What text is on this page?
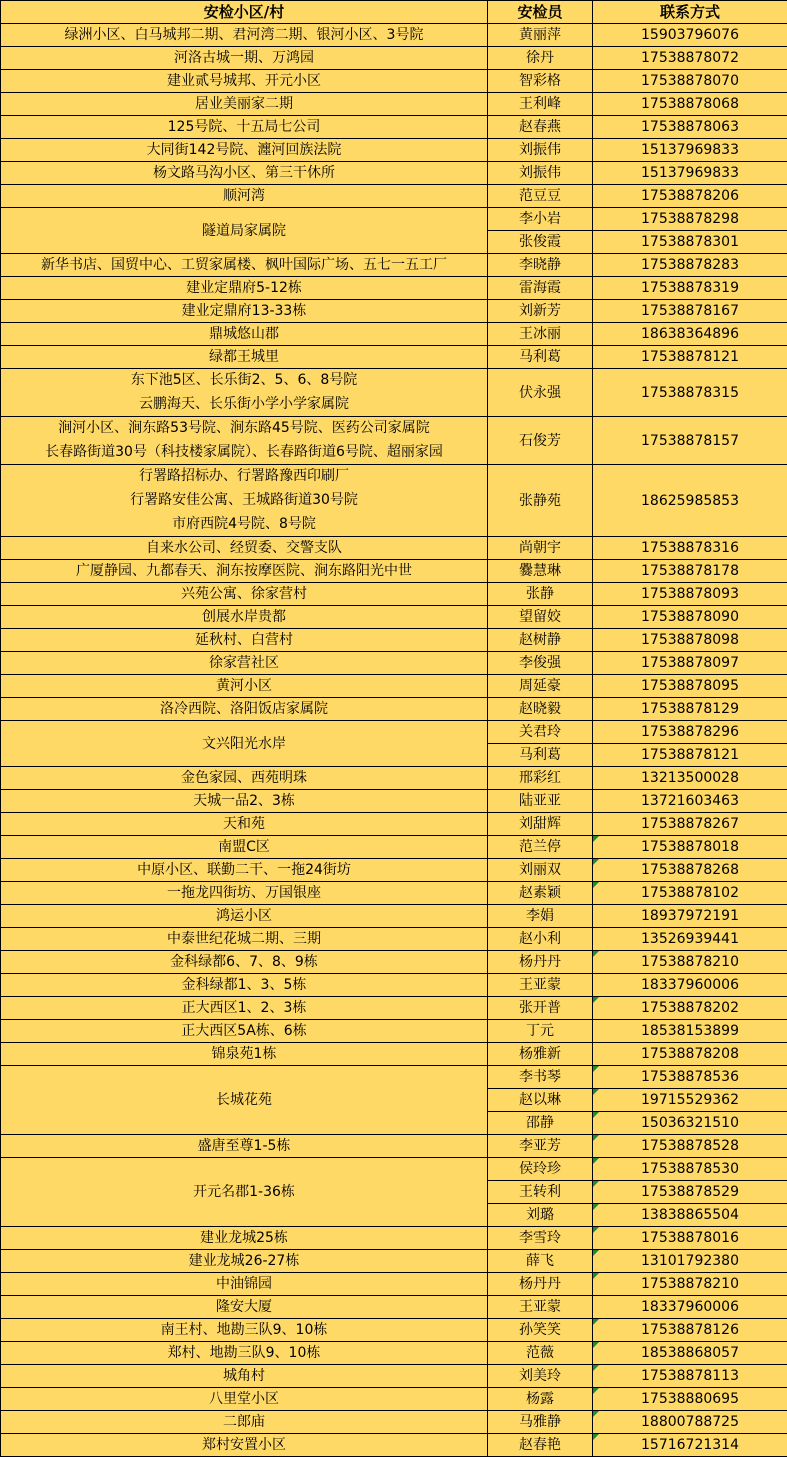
安检小区/村	安检员	联系方式
绿洲小区、白马城邦二期、君河湾二期、银河小区、3号院	黄丽萍	15903796076
河洛古城一期、万鸿园	徐丹	17538878072
建业贰号城邦、开元小区	智彩格	17538878070
居业美丽家二期	王利峰	17538878068
125号院、十五局七公司	赵春燕	17538878063
大同街142号院、瀍河回族法院	刘振伟	15137969833
杨文路马沟小区、第三干休所	刘振伟	15137969833
顺河湾	范豆豆	17538878206
隧道局家属院	李小岩	17538878298
	张俊霞	17538878301
新华书店、国贸中心、工贸家属楼、枫叶国际广场、五七一五工厂	李晓静	17538878283
建业定鼎府5-12栋	雷海霞	17538878319
建业定鼎府13-33栋	刘新芳	17538878167
鼎城悠山郡	王冰丽	18638364896
绿都王城里	马利葛	17538878121

东下池5区、长乐街2、5、6、8号院
云鹏海天、长乐街小学小学家属院	伏永强	17538878315

涧河小区、涧东路53号院、涧东路45号院、医药公司家属院
长春路街道30号（科技楼家属院）、长春路街道6号院、超丽家园	石俊芳	17538878157

行署路招标办、行署路豫西印刷厂
行署路安佳公寓、王城路街道30号院
市府西院4号院、8号院	张静苑	18625985853
自来水公司、经贸委、交警支队	尚朝宇	17538878316
广厦静园、九都春天、涧东按摩医院、涧东路阳光中世	爨慧琳	17538878178
兴苑公寓、徐家营村	张静	17538878093
创展水岸贵都	望留姣	17538878090
延秋村、白营村	赵树静	17538878098
徐家营社区	李俊强	17538878097
黄河小区	周延豪	17538878095
洛冷西院、洛阳饭店家属院	赵晓毅	17538878129
文兴阳光水岸	关君玲	17538878296
	马利葛	17538878121
金色家园、西苑明珠	邢彩红	13213500028
天城一品2、3栋	陆亚亚	13721603463
天和苑	刘甜辉	17538878267
南盟C区	范兰停	17538878018

中原小区、联勤二干、一拖24街坊	刘丽双	17538878268

一拖龙四街坊、万国银座	赵素颖	17538878102

鸿运小区	李娟	18937972191
中泰世纪花城二期、三期	赵小利	13526939441
金科绿都6、7、8、9栋	杨丹丹	17538878210

金科绿都1、3、5栋	王亚蒙	18337960006
正大西区1、2、3栋	张开普	17538878202

正大西区5A栋、6栋	丁元	18538153899
锦泉苑1栋	杨雅新	17538878208
长城花苑	李书琴	17538878536

	赵以琳	19715529362

	邵静	15036321510

盛唐至尊1-5栋	李亚芳	17538878528

开元名郡1-36栋	侯玲珍	17538878530

	王转利	17538878529

	刘璐	13838865504

建业龙城25栋	李雪玲	17538878016

建业龙城26-27栋	薛飞	13101792380

中油锦园	杨丹丹	17538878210

隆安大厦	王亚蒙	18337960006
南王村、地勘三队9、10栋	孙笑笑	17538878126

郑村、地勘三队9、10栋	范薇	18538868057

城角村	刘美玲	17538878113

八里堂小区	杨露	17538880695

二郎庙	马雅静	18800788725

郑村安置小区	赵春艳	15716721314
